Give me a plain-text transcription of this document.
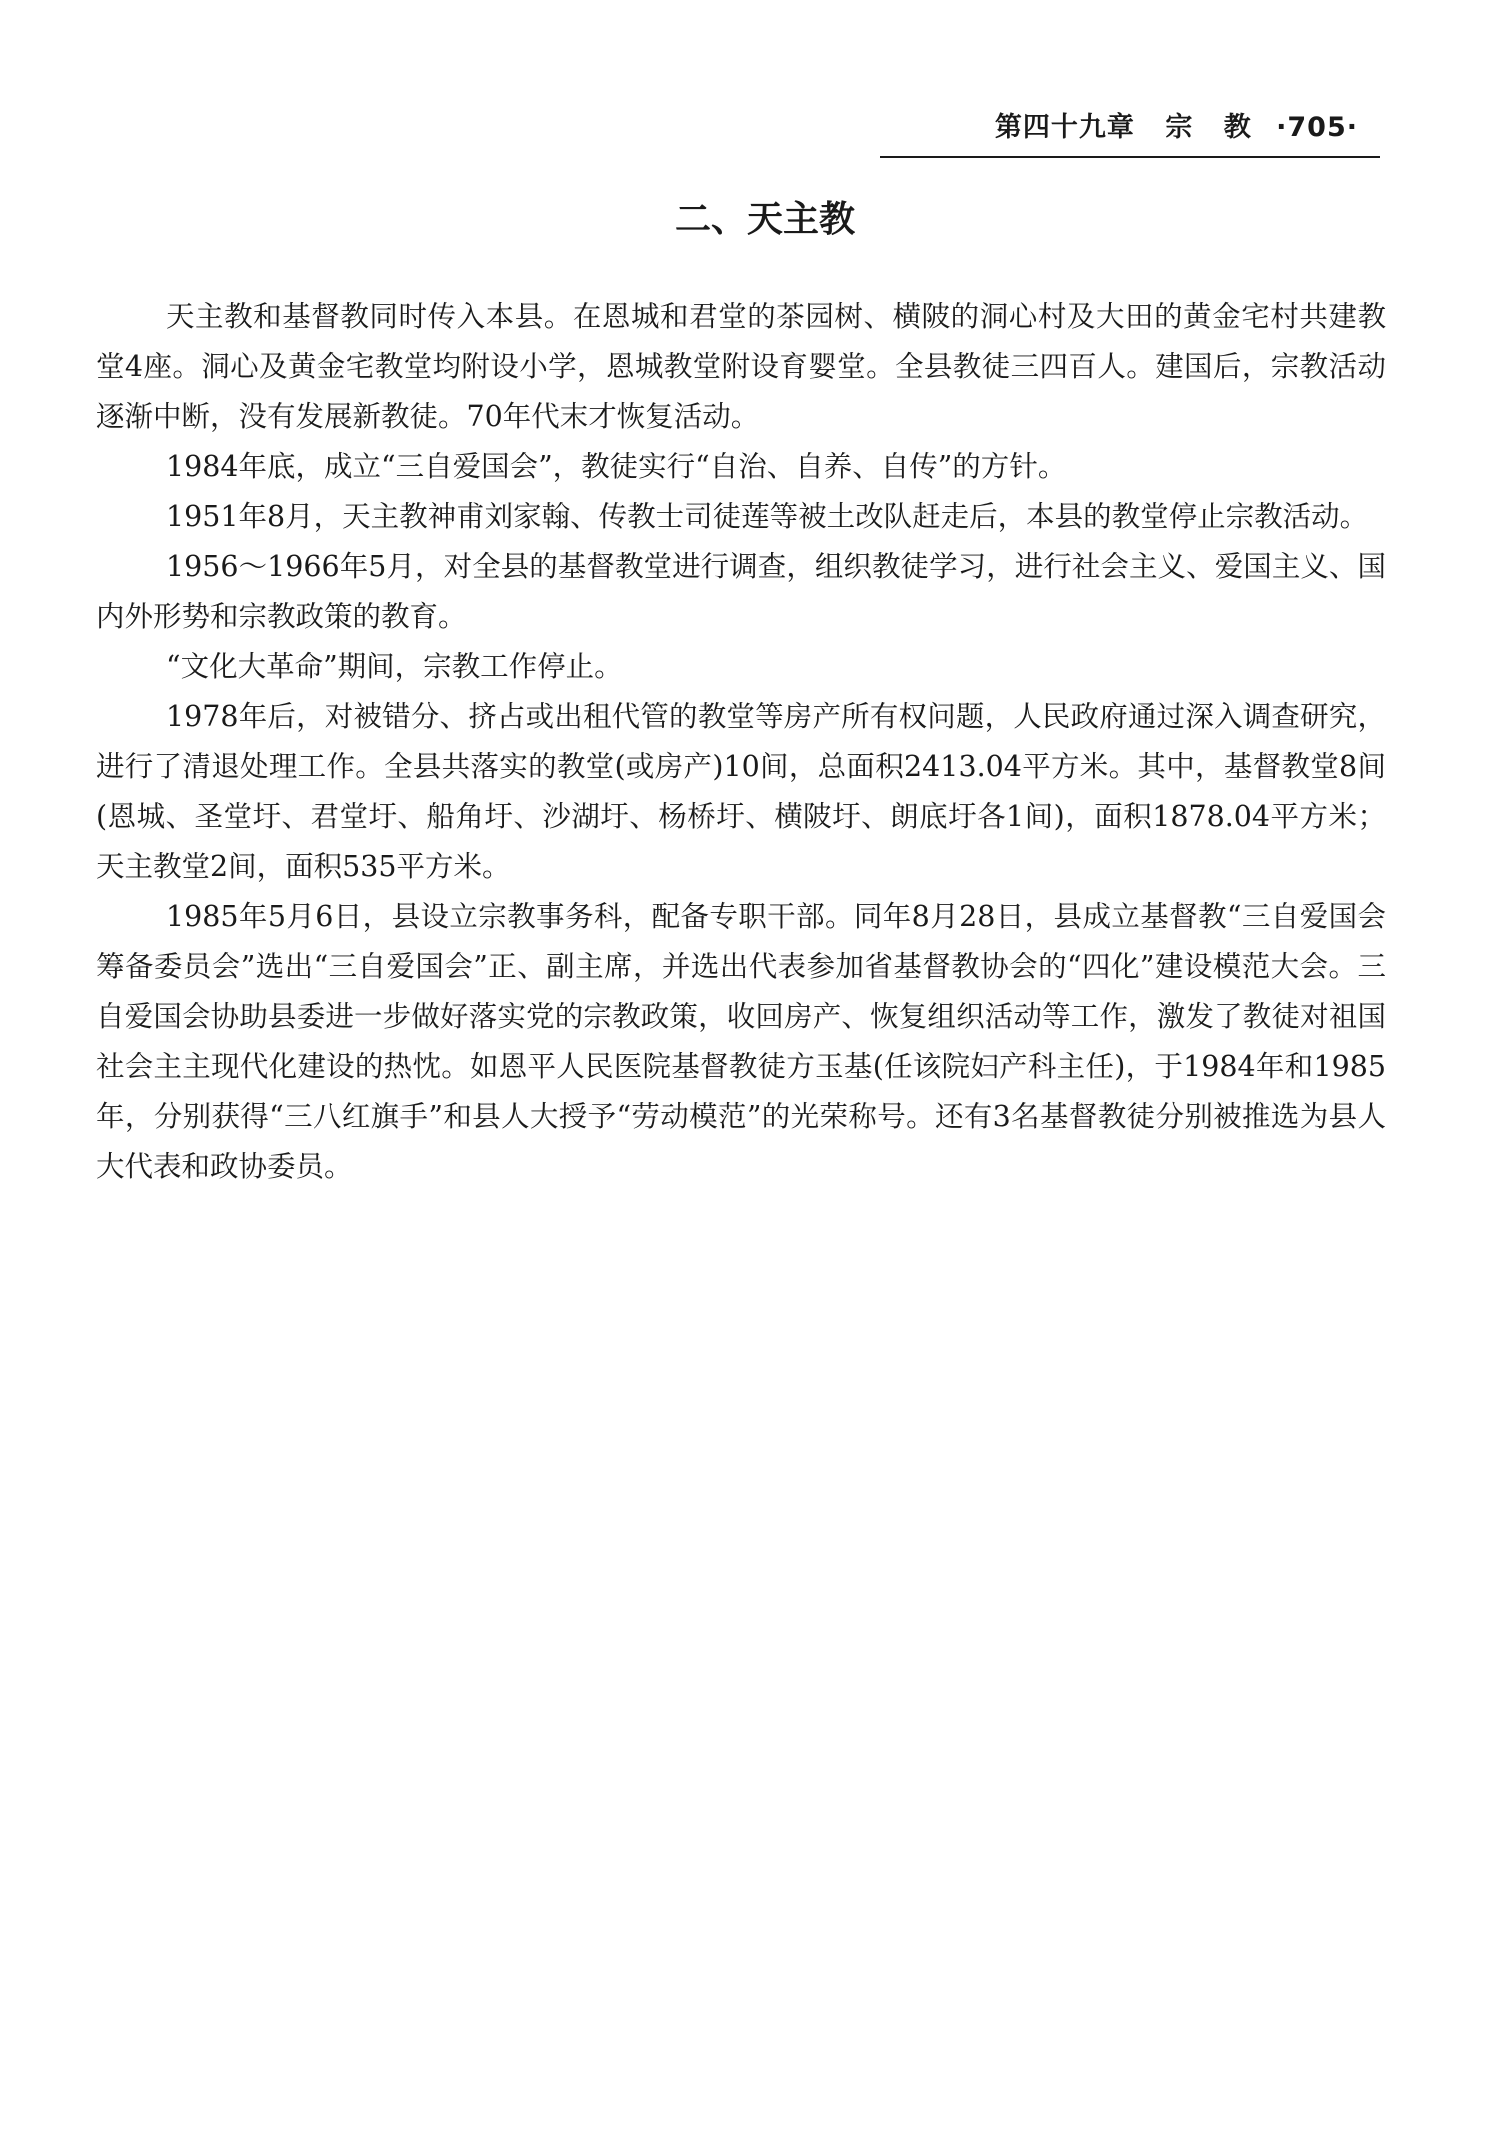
第四十九章 宗 教 ·705·
二、天主教

天主教和基督教同时传入本县。在恩城和君堂的茶园树、横陂的洞心村及大田的黄金宅村共建教堂4座。洞心及黄金宅教堂均附设小学，恩城教堂附设育婴堂。全县教徒三四百人。建国后，宗教活动逐渐中断，没有发展新教徒。70年代末才恢复活动。

1984年底，成立“三自爱国会”，教徒实行“自治、自养、自传”的方针。

1951年8月，天主教神甫刘家翰、传教士司徒莲等被土改队赶走后，本县的教堂停止宗教活动。

1956～1966年5月，对全县的基督教堂进行调查，组织教徒学习，进行社会主义、爱国主义、国内外形势和宗教政策的教育。

“文化大革命”期间，宗教工作停止。

1978年后，对被错分、挤占或出租代管的教堂等房产所有权问题，人民政府通过深入调查研究，进行了清退处理工作。全县共落实的教堂(或房产)10间，总面积2413.04平方米。其中，基督教堂8间(恩城、圣堂圩、君堂圩、船角圩、沙湖圩、杨桥圩、横陂圩、朗底圩各1间)，面积1878.04平方米；天主教堂2间，面积535平方米。

1985年5月6日，县设立宗教事务科，配备专职干部。同年8月28日，县成立基督教“三自爱国会筹备委员会”选出“三自爱国会”正、副主席，并选出代表参加省基督教协会的“四化”建设模范大会。三自爱国会协助县委进一步做好落实党的宗教政策，收回房产、恢复组织活动等工作，激发了教徒对祖国社会主主现代化建设的热忱。如恩平人民医院基督教徒方玉基(任该院妇产科主任)，于1984年和1985年，分别获得“三八红旗手”和县人大授予“劳动模范”的光荣称号。还有3名基督教徒分别被推选为县人大代表和政协委员。
